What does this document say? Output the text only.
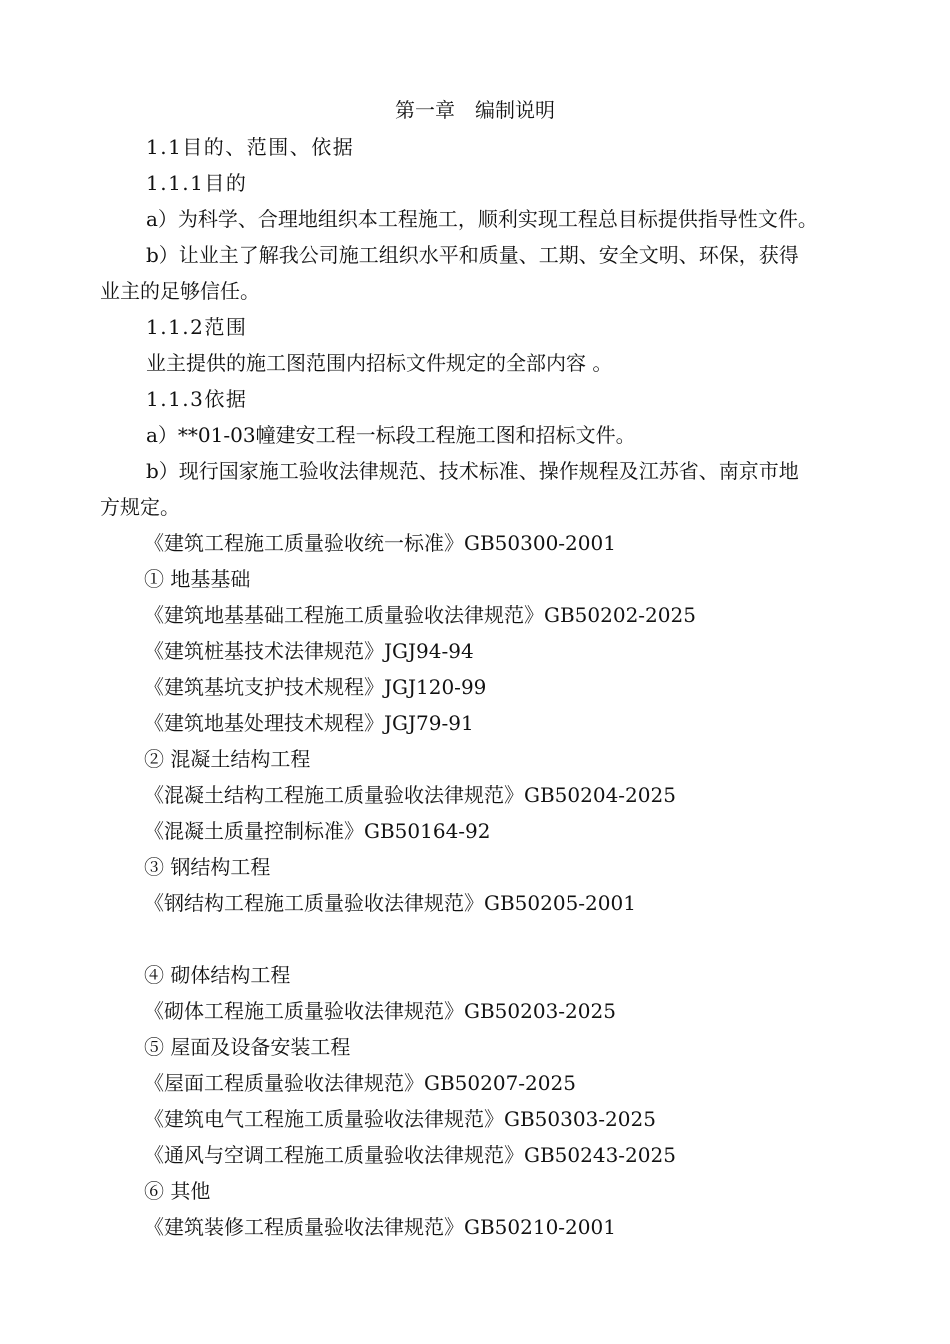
第一章　编制说明
1.1目的、范围、依据
1.1.1目的
a）为科学、合理地组织本工程施工，顺利实现工程总目标提供指导性文件。
b）让业主了解我公司施工组织水平和质量、工期、安全文明、环保，获得
业主的足够信任。
1.1.2范围
业主提供的施工图范围内招标文件规定的全部内容 。
1.1.3依据
a）**01-03幢建安工程一标段工程施工图和招标文件。
b）现行国家施工验收法律规范、技术标准、操作规程及江苏省、南京市地
方规定。
《建筑工程施工质量验收统一标准》GB50300-2001
① 地基基础
《建筑地基基础工程施工质量验收法律规范》GB50202-2025
《建筑桩基技术法律规范》JGJ94-94
《建筑基坑支护技术规程》JGJ120-99
《建筑地基处理技术规程》JGJ79-91
② 混凝土结构工程
《混凝土结构工程施工质量验收法律规范》GB50204-2025
《混凝土质量控制标准》GB50164-92
③ 钢结构工程
《钢结构工程施工质量验收法律规范》GB50205-2001
④ 砌体结构工程
《砌体工程施工质量验收法律规范》GB50203-2025
⑤ 屋面及设备安装工程
《屋面工程质量验收法律规范》GB50207-2025
《建筑电气工程施工质量验收法律规范》GB50303-2025
《通风与空调工程施工质量验收法律规范》GB50243-2025
⑥ 其他
《建筑装修工程质量验收法律规范》GB50210-2001
